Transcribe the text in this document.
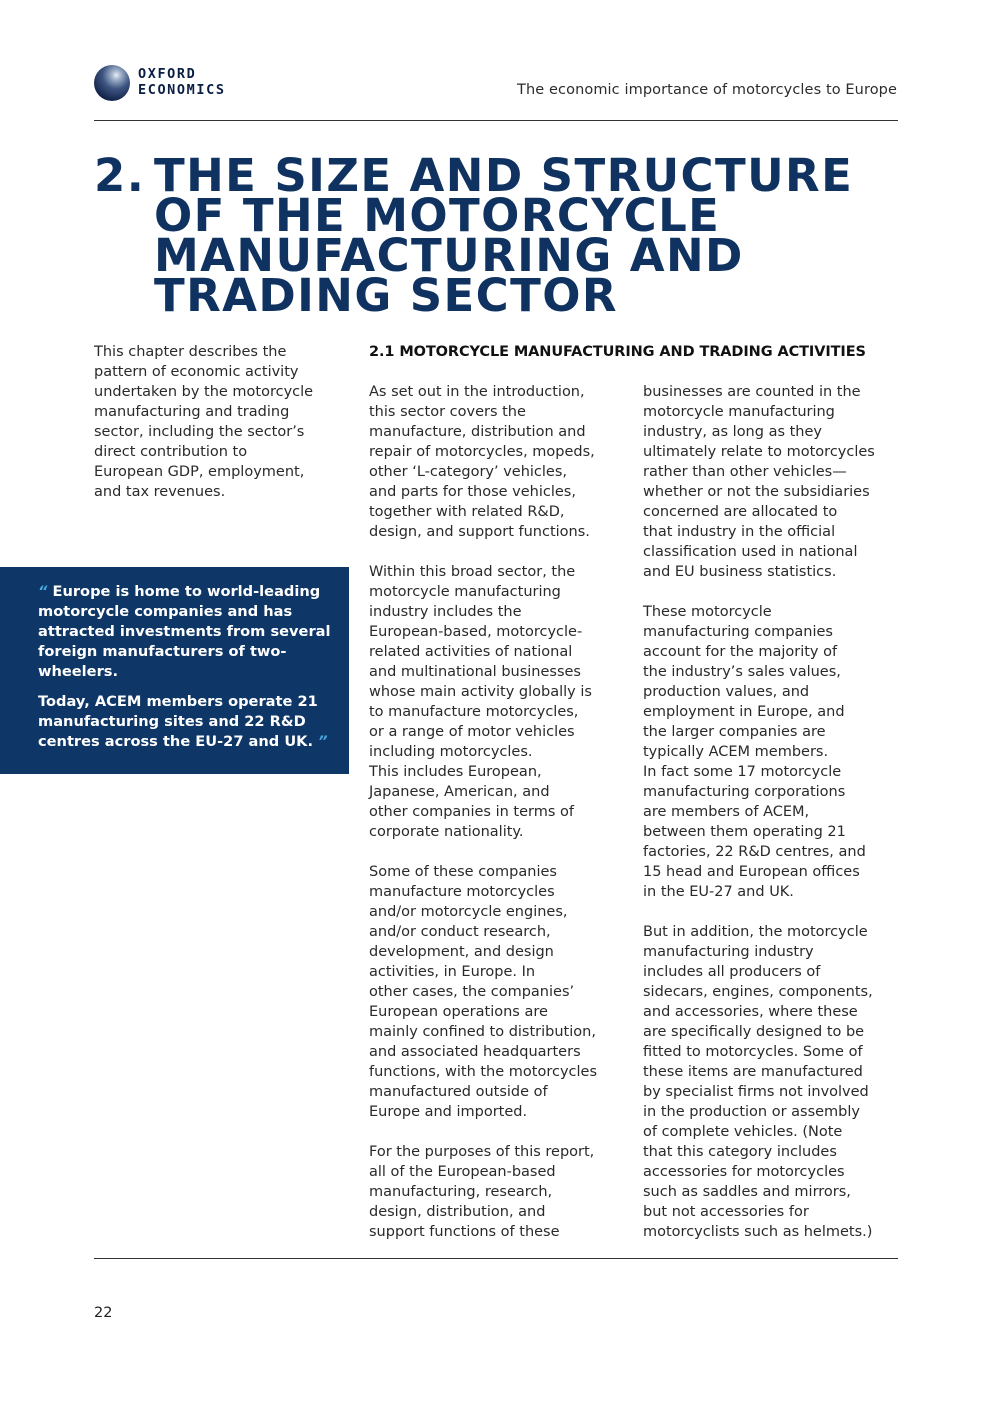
OXFORD
ECONOMICS	The economic importance of motorcycles to Europe
2. THE SIZE AND STRUCTURE
OF THE MOTORCYCLE
MANUFACTURING AND
TRADING SECTOR
This chapter describes the
pattern of economic activity
undertaken by the motorcycle
manufacturing and trading
sector, including the sector’s
direct contribution to
European GDP, employment,
and tax revenues.

“ Europe is home to world-leading motorcycle companies and has attracted investments from several foreign manufacturers of two-wheelers.

Today, ACEM members operate 21 manufacturing sites and 22 R&D centres across the EU-27 and UK. ”

2.1 MOTORCYCLE MANUFACTURING AND TRADING ACTIVITIES

As set out in the introduction,
this sector covers the
manufacture, distribution and
repair of motorcycles, mopeds,
other ‘L-category’ vehicles,
and parts for those vehicles,
together with related R&D,
design, and support functions.

Within this broad sector, the
motorcycle manufacturing
industry includes the
European-based, motorcycle-
related activities of national
and multinational businesses
whose main activity globally is
to manufacture motorcycles,
or a range of motor vehicles
including motorcycles.
This includes European,
Japanese, American, and
other companies in terms of
corporate nationality.

Some of these companies
manufacture motorcycles
and/or motorcycle engines,
and/or conduct research,
development, and design
activities, in Europe. In
other cases, the companies’
European operations are
mainly confined to distribution,
and associated headquarters
functions, with the motorcycles
manufactured outside of
Europe and imported.

For the purposes of this report,
all of the European-based
manufacturing, research,
design, distribution, and
support functions of these

businesses are counted in the
motorcycle manufacturing
industry, as long as they
ultimately relate to motorcycles
rather than other vehicles—
whether or not the subsidiaries
concerned are allocated to
that industry in the official
classification used in national
and EU business statistics.

These motorcycle
manufacturing companies
account for the majority of
the industry’s sales values,
production values, and
employment in Europe, and
the larger companies are
typically ACEM members.
In fact some 17 motorcycle
manufacturing corporations
are members of ACEM,
between them operating 21
factories, 22 R&D centres, and
15 head and European offices
in the EU-27 and UK.

But in addition, the motorcycle
manufacturing industry
includes all producers of
sidecars, engines, components,
and accessories, where these
are specifically designed to be
fitted to motorcycles. Some of
these items are manufactured
by specialist firms not involved
in the production or assembly
of complete vehicles. (Note
that this category includes
accessories for motorcycles
such as saddles and mirrors,
but not accessories for
motorcyclists such as helmets.)

22
